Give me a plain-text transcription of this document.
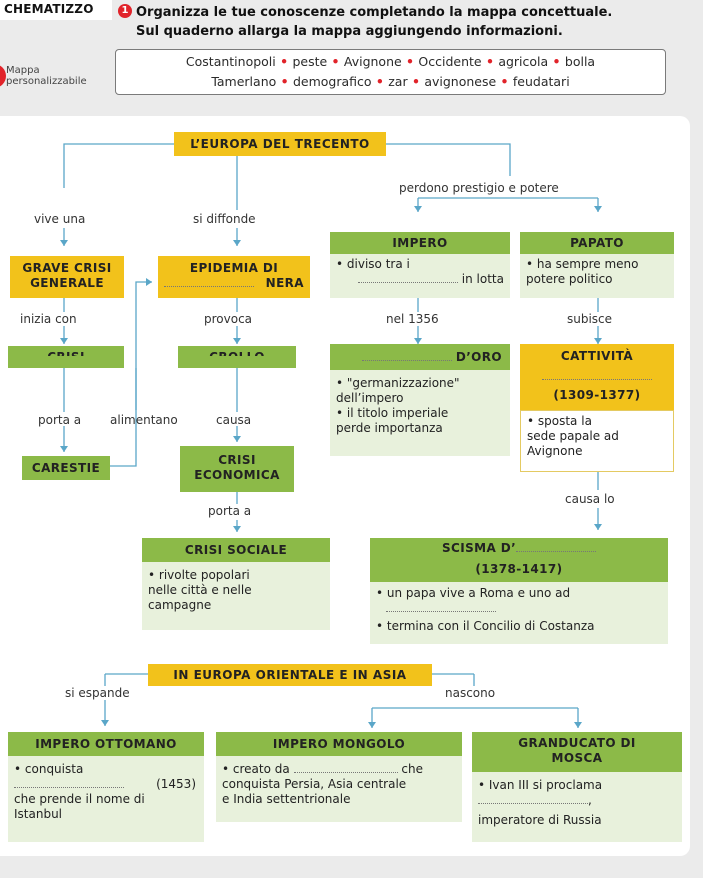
CHEMATIZZO	1 Organizza le tue conoscenze completando la mappa concettuale.
Sul quaderno allarga la mappa aggiungendo informazioni.
Mappa
personalizzabile
Costantinopoli • peste • Avignone • Occidente • agricola • bolla
Tamerlano • demografico • zar • avignonese • feudatari
L’EUROPA DEL TRECENTO
perdono prestigio e potere
vive una	si diffonde
IMPERO
• diviso tra i
in lotta
PAPATO
• ha sempre meno
potere politico
GRAVE CRISI
GENERALE
EPIDEMIA DI
NERA
inizia con	provoca	nel 1356	subisce
D’ORO
• "germanizzazione"
dell’impero
• il titolo imperiale
perde importanza
CATTIVITÀ
(1309-1377)
• sposta la
sede papale ad
Avignone
porta a alimentano	causa
CARESTIE
CRISI
ECONOMICA
porta a
causa lo
CRISI SOCIALE
• rivolte popolari
nelle città e nelle
campagne
SCISMA D’
(1378-1417)
• un papa vive a Roma e uno ad
• termina con il Concilio di Costanza
IN EUROPA ORIENTALE E IN ASIA
si espande	nascono
IMPERO OTTOMANO
• conquista
(1453)
che prende il nome di
Istanbul
IMPERO MONGOLO
• creato da	che
conquista Persia, Asia centrale
e India settentrionale
GRANDUCATO DI
MOSCA
• Ivan III si proclama
,
imperatore di Russia
